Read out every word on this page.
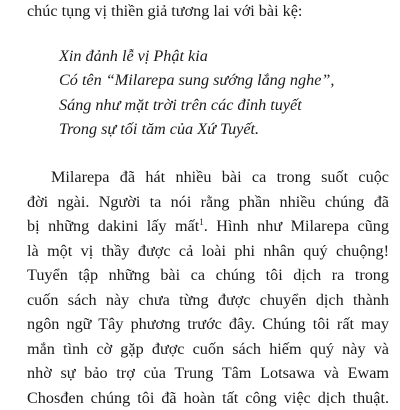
chúc tụng vị thiền giả tương lai với bài kệ:
Xin đảnh lễ vị Phật kia
Có tên “Milarepa sung sướng lắng nghe”,
Sáng như mặt trời trên các đỉnh tuyết
Trong sự tối tăm của Xứ Tuyết.
Milarepa đã hát nhiều bài ca trong suốt cuộc
đời ngài. Người ta nói rằng phần nhiều chúng đã
bị những dakini lấy mất$^1$. Hình như Milarepa cũng
là một vị thầy được cả loài phi nhân quý chuộng!
Tuyển tập những bài ca chúng tôi dịch ra trong
cuốn sách này chưa từng được chuyển dịch thành
ngôn ngữ Tây phương trước đây. Chúng tôi rất may
mắn tình cờ gặp được cuốn sách hiếm quý này và
nhờ sự bảo trợ của Trung Tâm Lotsawa và Ewam
Chosđen chúng tôi đã hoàn tất công việc dịch thuật.
